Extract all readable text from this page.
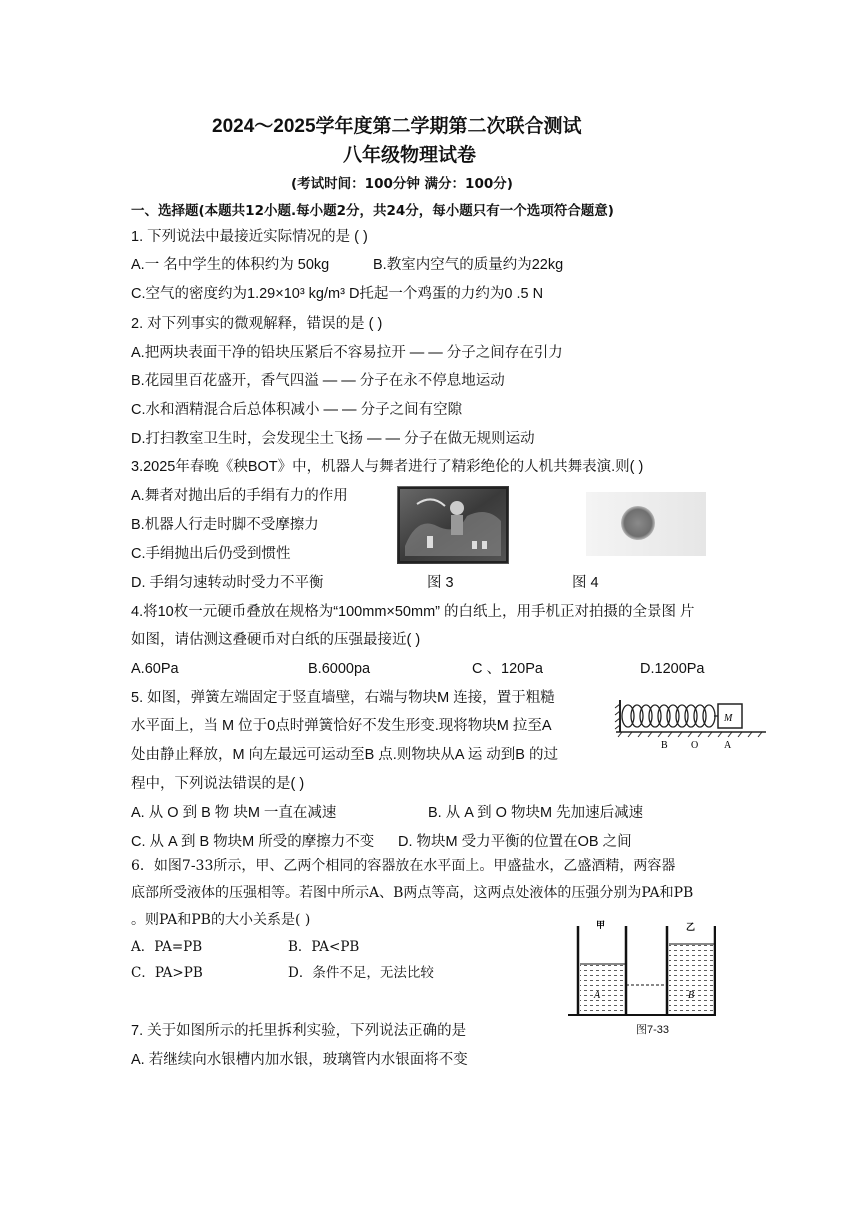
2024～2025学年度第二学期第二次联合测试
八年级物理试卷
(考试时间：100分钟 满分：100分)
一、选择题(本题共12小题.每小题2分，共24分，每小题只有一个选项符合题意)
1. 下列说法中最接近实际情况的是 ( )
A.一 名中学生的体积约为 50kg	B.教室内空气的质量约为22kg
C.空气的密度约为1.29×10³ kg/m³ D托起一个鸡蛋的力约为0 .5 N
2. 对下列事实的微观解释，错误的是 ( )
A.把两块表面干净的铅块压紧后不容易拉开 — — 分子之间存在引力
B.花园里百花盛开，香气四溢 — — 分子在永不停息地运动
C.水和酒精混合后总体积减小 — — 分子之间有空隙
D.打扫教室卫生时，会发现尘土飞扬 — — 分子在做无规则运动
3.2025年春晚《秧BOT》中，机器人与舞者进行了精彩绝伦的人机共舞表演.则( )
A.舞者对抛出后的手绢有力的作用
B.机器人行走时脚不受摩擦力
C.手绢抛出后仍受到惯性
D. 手绢匀速转动时受力不平衡	图 3	图 4
4.将10枚一元硬币叠放在规格为“100mm×50mm” 的白纸上，用手机正对拍摄的全景图 片
如图，请估测这叠硬币对白纸的压强最接近( )
A.60Pa	B.6000pa	C 、120Pa	D.1200Pa
5. 如图，弹簧左端固定于竖直墙壁，右端与物块M 连接，置于粗糙
水平面上，当 M 位于0点时弹簧恰好不发生形变.现将物块M 拉至A
处由静止释放，M 向左最远可运动至B 点.则物块从A 运 动到B 的过
程中，下列说法错误的是( )
A. 从 O 到 B 物 块M 一直在减速	B. 从 A 到 O 物块M 先加速后减速
C. 从 A 到 B 物块M 所受的摩擦力不变 D. 物块M 受力平衡的位置在OB 之间
M
B O	A
6．如图7-33所示，甲、乙两个相同的容器放在水平面上。甲盛盐水，乙盛酒精，两容器
底部所受液体的压强相等。若图中所示A、B两点等高，这两点处液体的压强分别为PA和PB
。则PA和PB的大小关系是( )
A．PA=PB	B．PA<PB
C．PA>PB	D．条件不足，无法比较
甲	乙
A	B
图7-33
7. 关于如图所示的托里拆利实验，下列说法正确的是
A. 若继续向水银槽内加水银，玻璃管内水银面将不变
